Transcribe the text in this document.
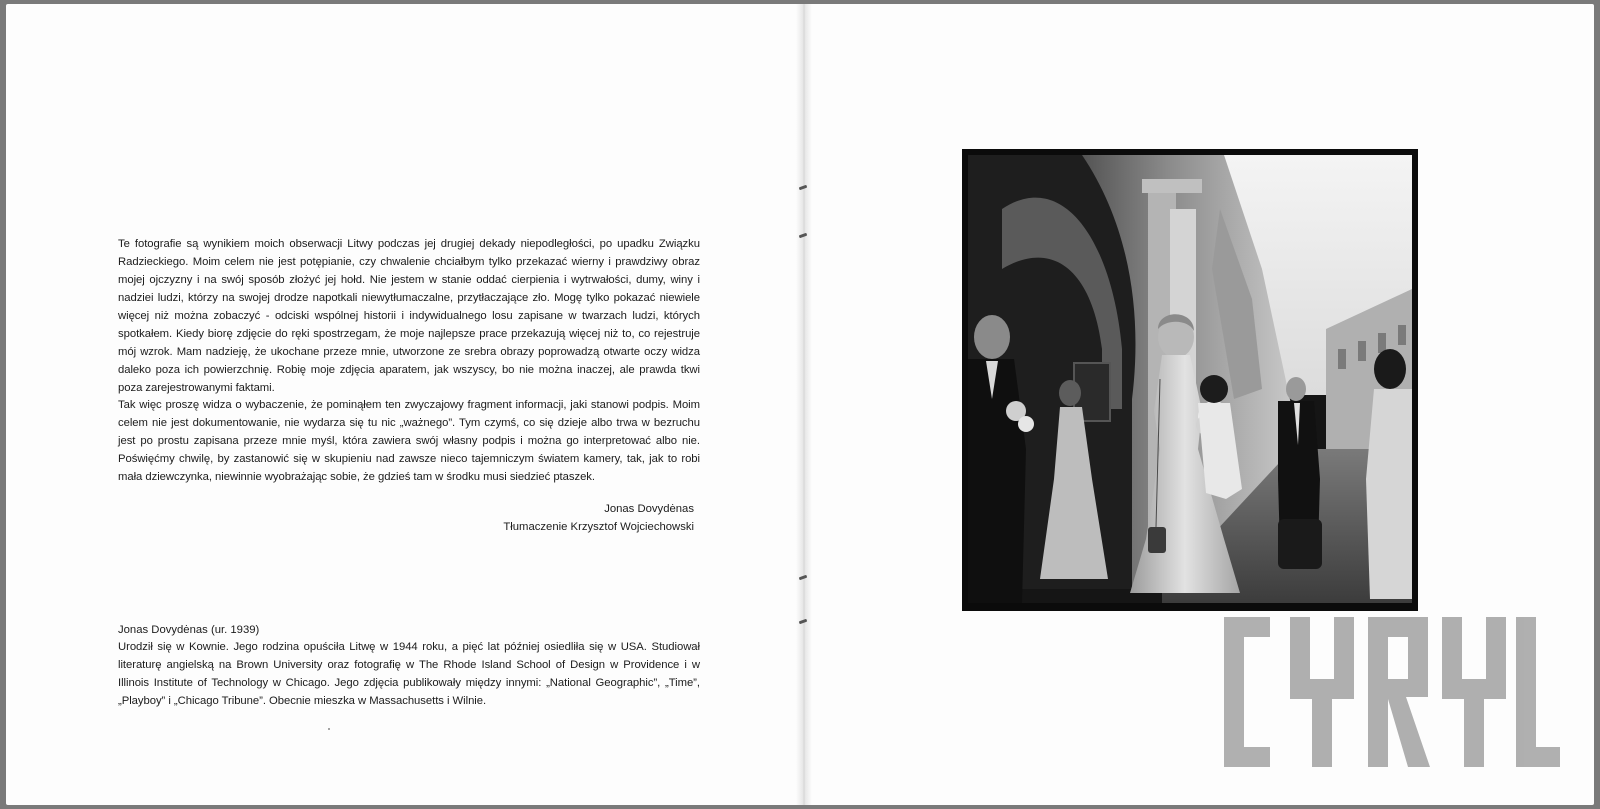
Te fotografie są wynikiem moich obserwacji Litwy podczas jej drugiej dekady niepodległości, po upadku Związku Radzieckiego. Moim celem nie jest potępianie, czy chwalenie chciałbym tylko przekazać wierny i prawdziwy obraz mojej ojczyzny i na swój sposób złożyć jej hołd. Nie jestem w stanie oddać cierpienia i wytrwałości, dumy, winy i nadziei ludzi, którzy na swojej drodze napotkali niewytłumaczalne, przytłaczające zło. Mogę tylko pokazać niewiele więcej niż można zobaczyć - odciski wspólnej historii i indywidualnego losu zapisane w twarzach ludzi, których spotkałem. Kiedy biorę zdjęcie do ręki spostrzegam, że moje najlepsze prace przekazują więcej niż to, co rejestruje mój wzrok. Mam nadzieję, że ukochane przeze mnie, utworzone ze srebra obrazy poprowadzą otwarte oczy widza daleko poza ich powierzchnię. Robię moje zdjęcia aparatem, jak wszyscy, bo nie można inaczej, ale prawda tkwi poza zarejestrowanymi faktami.
Tak więc proszę widza o wybaczenie, że pominąłem ten zwyczajowy fragment informacji, jaki stanowi podpis. Moim celem nie jest dokumentowanie, nie wydarza się tu nic „ważnego”. Tym czymś, co się dzieje albo trwa w bezruchu jest po prostu zapisana przeze mnie myśl, która zawiera swój własny podpis i można go interpretować albo nie. Poświęćmy chwilę, by zastanowić się w skupieniu nad zawsze nieco tajemniczym światem kamery, tak, jak to robi mała dziewczynka, niewinnie wyobrażając sobie, że gdzieś tam w środku musi siedzieć ptaszek.
Jonas Dovydėnas
Tłumaczenie Krzysztof Wojciechowski
Jonas Dovydėnas (ur. 1939)
Urodził się w Kownie. Jego rodzina opuściła Litwę w 1944 roku, a pięć lat później osiedliła się w USA. Studiował literaturę angielską na Brown University oraz fotografię w The Rhode Island School of Design w Providence i w Illinois Institute of Technology w Chicago. Jego zdjęcia publikowały między innymi: „National Geographic”, „Time”, „Playboy” i „Chicago Tribune”. Obecnie mieszka w Massachusetts i Wilnie.
